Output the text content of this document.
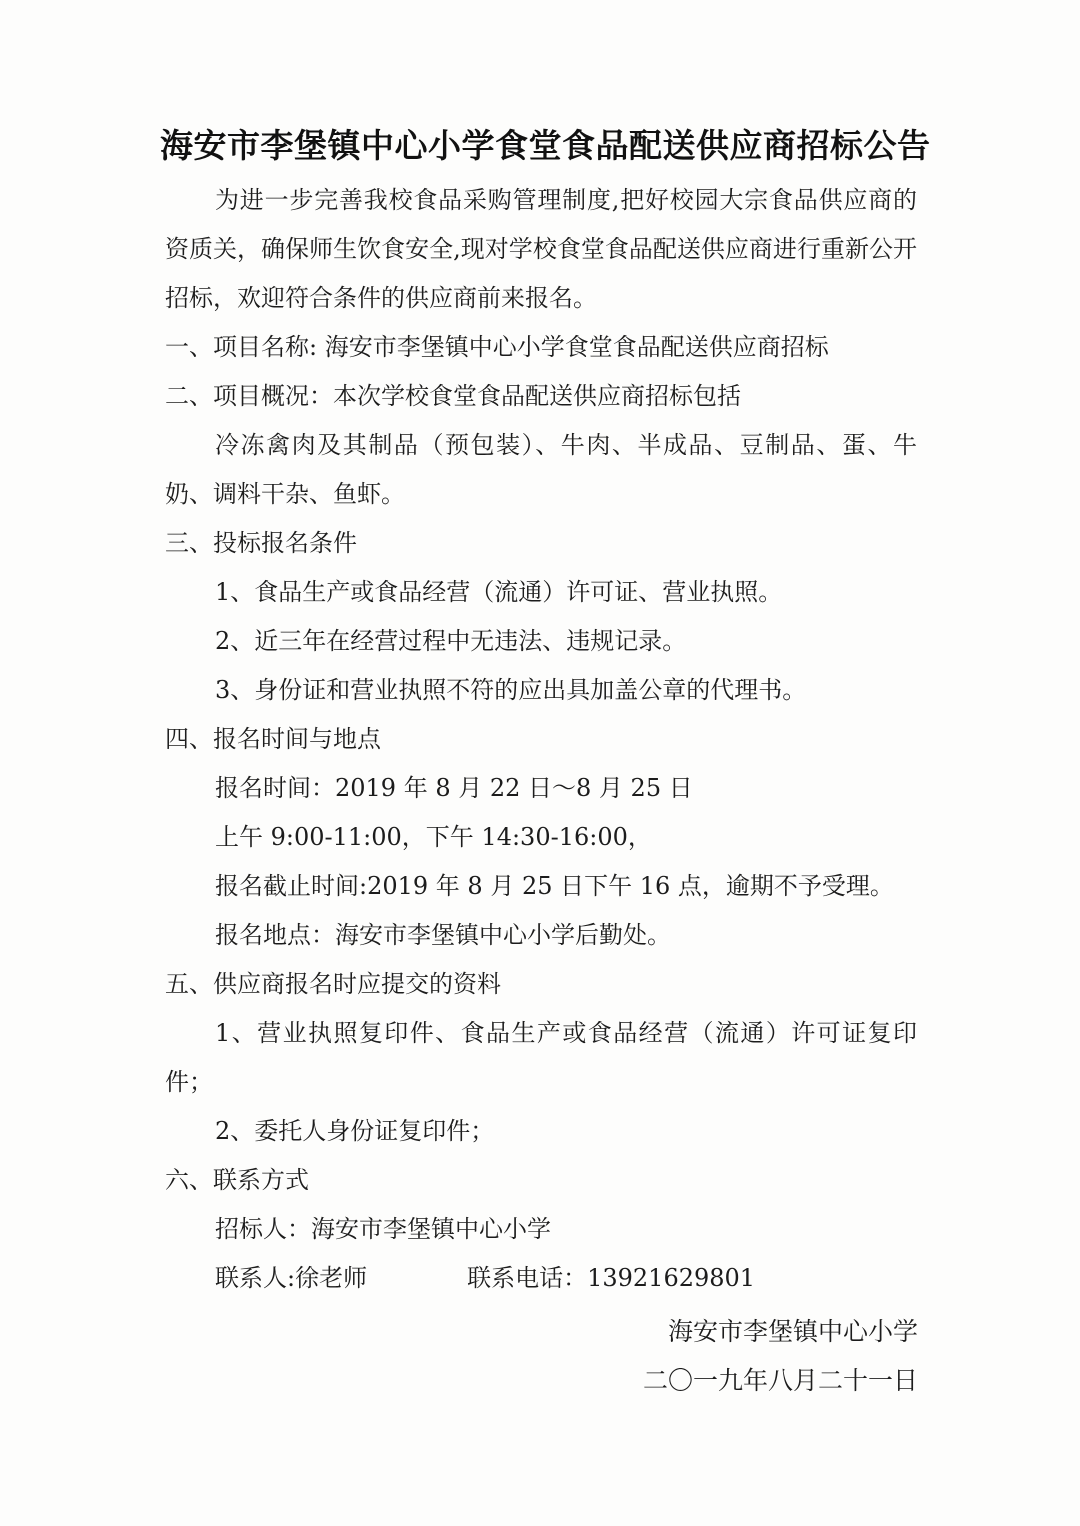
海安市李堡镇中心小学食堂食品配送供应商招标公告

为进一步完善我校食品采购管理制度,把好校园大宗食品供应商的资质关，确保师生饮食安全,现对学校食堂食品配送供应商进行重新公开招标，欢迎符合条件的供应商前来报名。

一、项目名称: 海安市李堡镇中心小学食堂食品配送供应商招标

二、项目概况：本次学校食堂食品配送供应商招标包括

冷冻禽肉及其制品（预包装）、牛肉、半成品、豆制品、蛋、牛奶、调料干杂、鱼虾。

三、投标报名条件

1、食品生产或食品经营（流通）许可证、营业执照。

2、近三年在经营过程中无违法、违规记录。

3、身份证和营业执照不符的应出具加盖公章的代理书。

四、报名时间与地点

报名时间：2019 年 8 月 22 日～8 月 25 日

上午 9:00-11:00，下午 14:30-16:00，

报名截止时间:2019 年 8 月 25 日下午 16 点，逾期不予受理。

报名地点：海安市李堡镇中心小学后勤处。

五、供应商报名时应提交的资料

1、营业执照复印件、食品生产或食品经营（流通）许可证复印件；

2、委托人身份证复印件；

六、联系方式

招标人：海安市李堡镇中心小学

联系人:徐老师	联系电话：13921629801

海安市李堡镇中心小学
二〇一九年八月二十一日
